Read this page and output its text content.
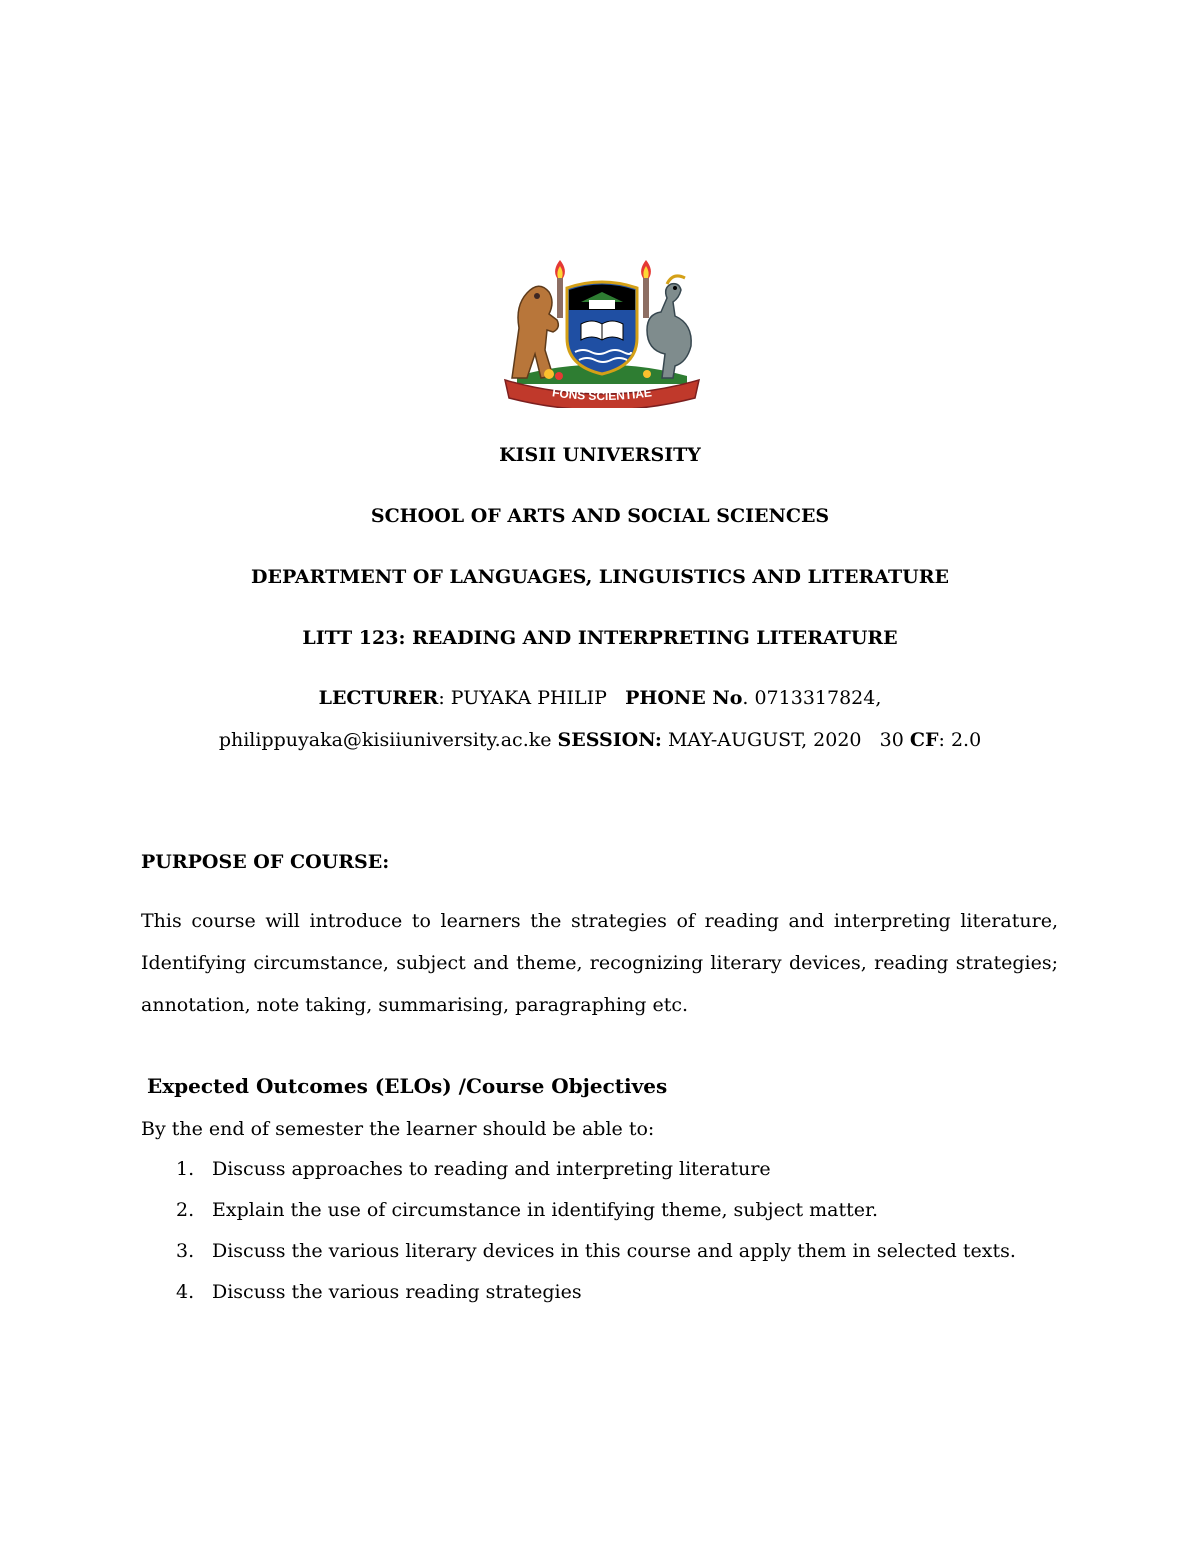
FONS SCIENTIAE
KISII UNIVERSITY
SCHOOL OF ARTS AND SOCIAL SCIENCES
DEPARTMENT OF LANGUAGES, LINGUISTICS AND LITERATURE
LITT 123: READING AND INTERPRETING LITERATURE
LECTURER: PUYAKA PHILIP PHONE No. 0713317824,
philippuyaka@kisiiuniversity.ac.ke SESSION: MAY-AUGUST, 2020 30 CF: 2.0
PURPOSE OF COURSE:
This course will introduce to learners the strategies of reading and interpreting literature, Identifying circumstance, subject and theme, recognizing literary devices, reading strategies; annotation, note taking, summarising, paragraphing etc.
Expected Outcomes (ELOs) /Course Objectives
By the end of semester the learner should be able to:
1. Discuss approaches to reading and interpreting literature
2. Explain the use of circumstance in identifying theme, subject matter.
3. Discuss the various literary devices in this course and apply them in selected texts.
4. Discuss the various reading strategies
